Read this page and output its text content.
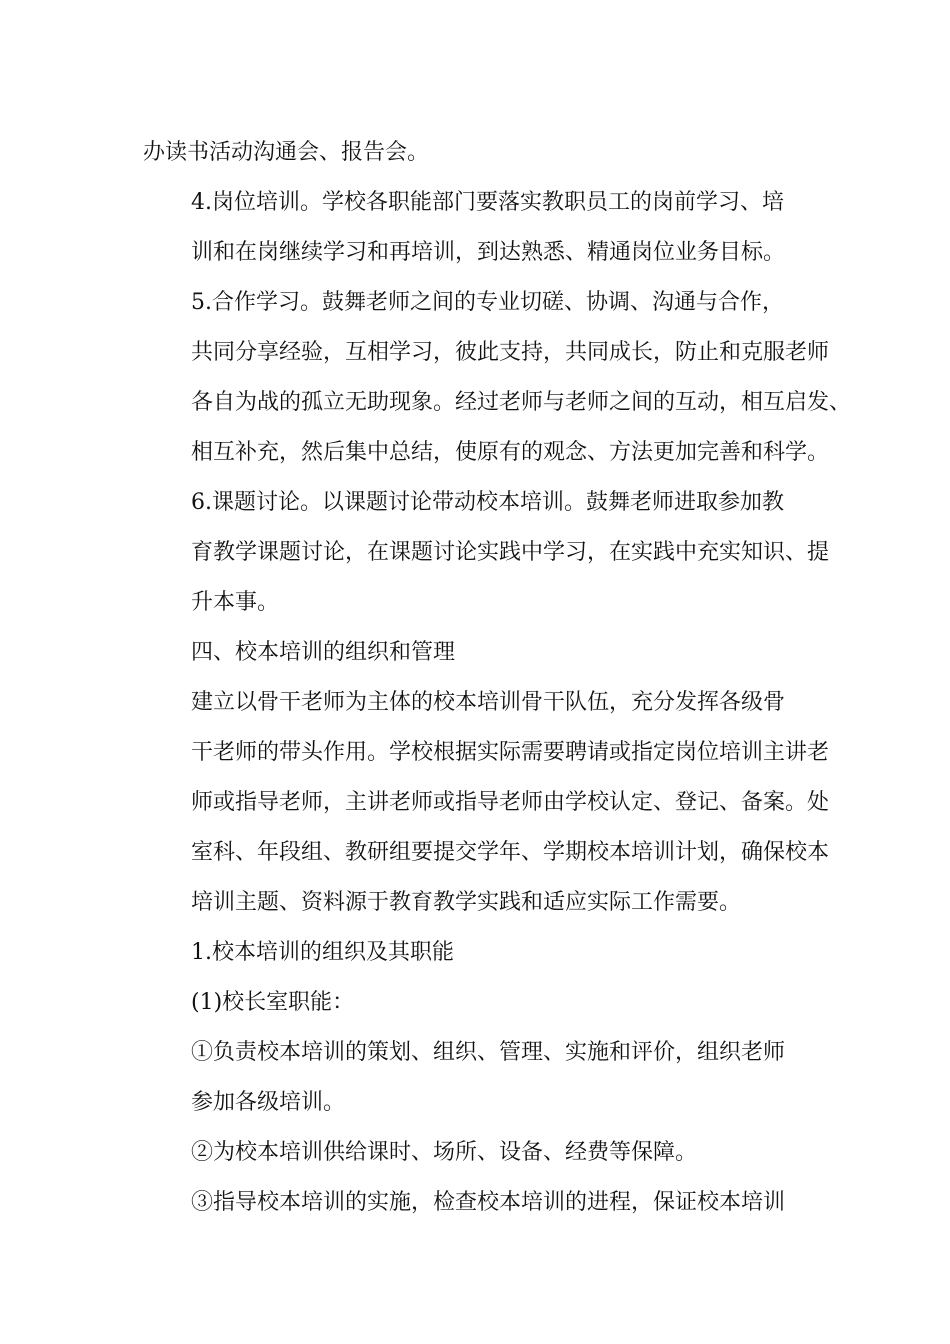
办读书活动沟通会、报告会。

4.岗位培训。学校各职能部门要落实教职员工的岗前学习、培
训和在岗继续学习和再培训，到达熟悉、精通岗位业务目标。

5.合作学习。鼓舞老师之间的专业切磋、协调、沟通与合作，
共同分享经验，互相学习，彼此支持，共同成长，防止和克服老师
各自为战的孤立无助现象。经过老师与老师之间的互动，相互启发、
相互补充，然后集中总结，使原有的观念、方法更加完善和科学。

6.课题讨论。以课题讨论带动校本培训。鼓舞老师进取参加教
育教学课题讨论，在课题讨论实践中学习，在实践中充实知识、提
升本事。

四、校本培训的组织和管理

建立以骨干老师为主体的校本培训骨干队伍，充分发挥各级骨
干老师的带头作用。学校根据实际需要聘请或指定岗位培训主讲老
师或指导老师，主讲老师或指导老师由学校认定、登记、备案。处
室科、年段组、教研组要提交学年、学期校本培训计划，确保校本
培训主题、资料源于教育教学实践和适应实际工作需要。

1.校本培训的组织及其职能

(1)校长室职能：

①负责校本培训的策划、组织、管理、实施和评价，组织老师
参加各级培训。

②为校本培训供给课时、场所、设备、经费等保障。

③指导校本培训的实施，检查校本培训的进程，保证校本培训
